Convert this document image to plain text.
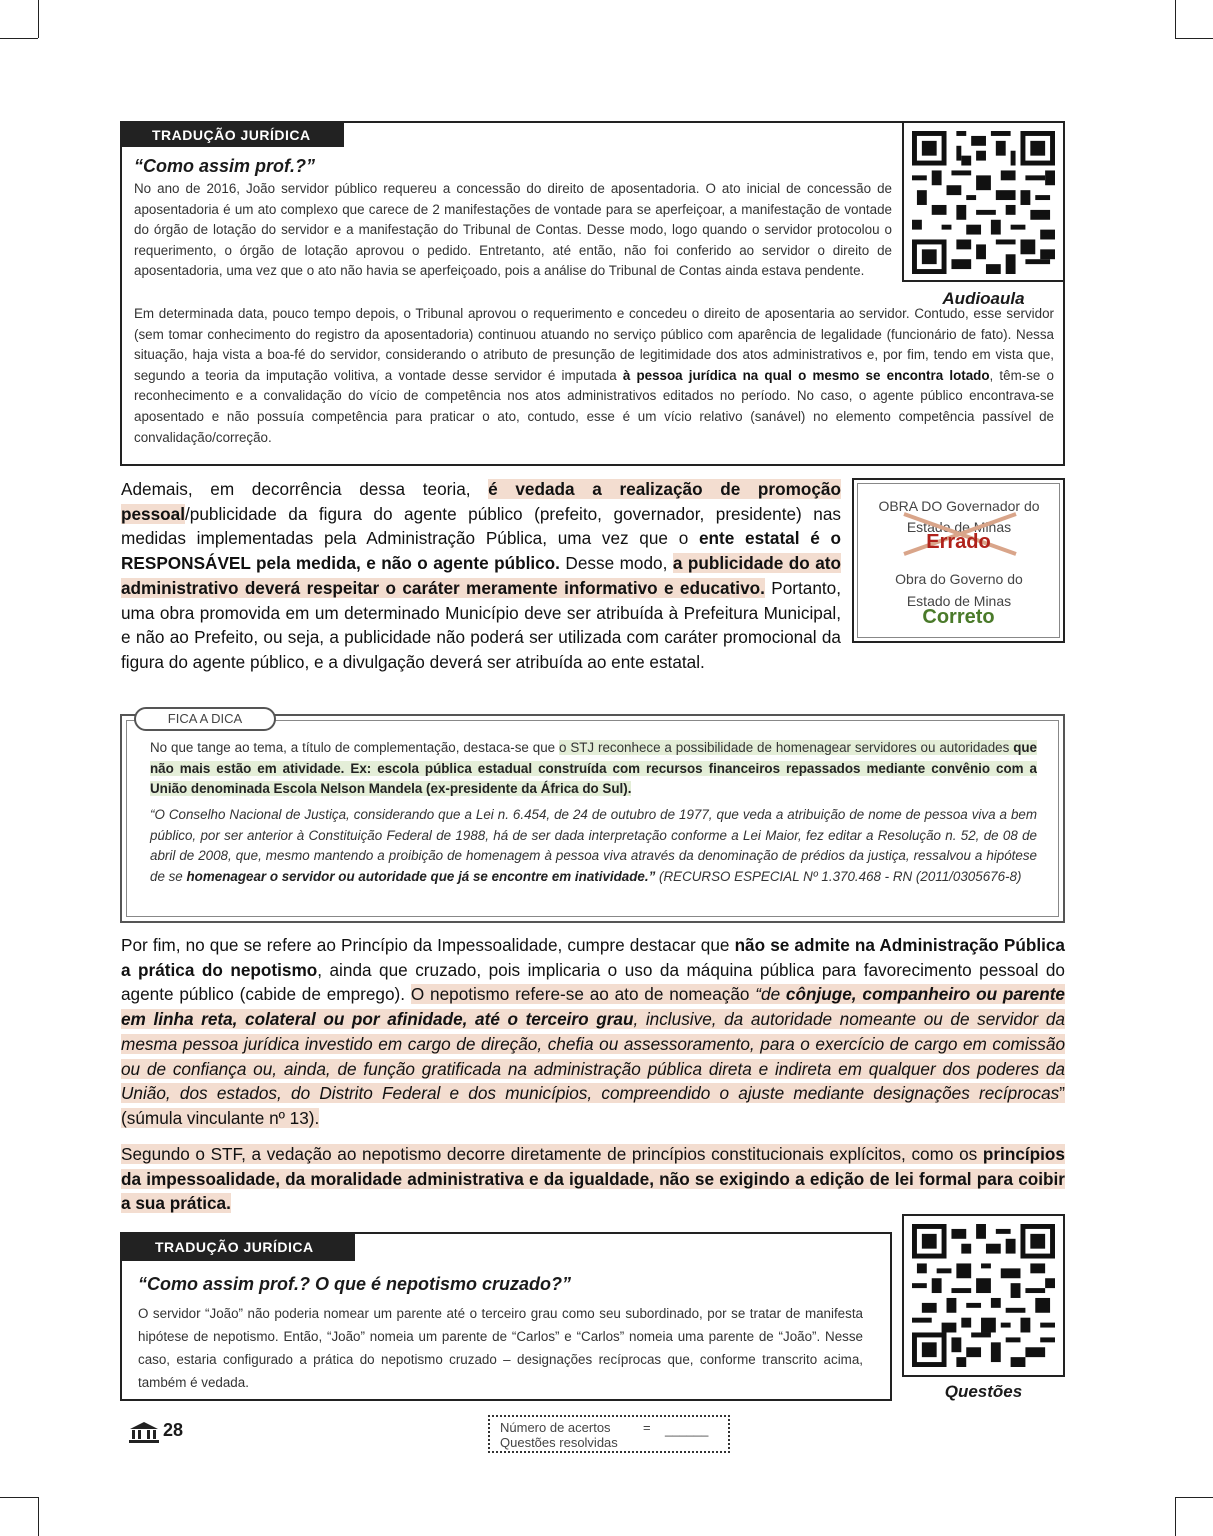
TRADUÇÃO JURÍDICA
“Como assim prof.?”
No ano de 2016, João servidor público requereu a concessão do direito de aposentadoria. O ato inicial de concessão de aposentadoria é um ato complexo que carece de 2 manifestações de vontade para se aperfeiçoar, a manifestação de vontade do órgão de lotação do servidor e a manifestação do Tribunal de Contas. Desse modo, logo quando o servidor protocolou o requerimento, o órgão de lotação aprovou o pedido. Entretanto, até então, não foi conferido ao servidor o direito de aposentadoria, uma vez que o ato não havia se aperfeiçoado, pois a análise do Tribunal de Contas ainda estava pendente.
Em determinada data, pouco tempo depois, o Tribunal aprovou o requerimento e concedeu o direito de aposentaria ao servidor. Contudo, esse servidor (sem tomar conhecimento do registro da aposentadoria) continuou atuando no serviço público com aparência de legalidade (funcionário de fato). Nessa situação, haja vista a boa-fé do servidor, considerando o atributo de presunção de legitimidade dos atos administrativos e, por fim, tendo em vista que, segundo a teoria da imputação volitiva, a vontade desse servidor é imputada à pessoa jurídica na qual o mesmo se encontra lotado, têm-se o reconhecimento e a convalidação do vício de competência nos atos administrativos editados no período. No caso, o agente público encontrava-se aposentado e não possuía competência para praticar o ato, contudo, esse é um vício relativo (sanável) no elemento competência passível de convalidação/correção.
Audioaula
Ademais, em decorrência dessa teoria, é vedada a realização de promoção pessoal/publicidade da figura do agente público (prefeito, governador, presidente) nas medidas implementadas pela Administração Pública, uma vez que o ente estatal é o RESPONSÁVEL pela medida, e não o agente público. Desse modo, a publicidade do ato administrativo deverá respeitar o caráter meramente informativo e educativo. Portanto, uma obra promovida em um determinado Município deve ser atribuída à Prefeitura Municipal, e não ao Prefeito, ou seja, a publicidade não poderá ser utilizada com caráter promocional da figura do agente público, e a divulgação deverá ser atribuída ao ente estatal.
OBRA DO Governador do Estado de Minas
Errado
Obra do Governo do Estado de Minas
Correto
FICA A DICA
No que tange ao tema, a título de complementação, destaca-se que o STJ reconhece a possibilidade de homenagear servidores ou autoridades que não mais estão em atividade. Ex: escola pública estadual construída com recursos financeiros repassados mediante convênio com a União denominada Escola Nelson Mandela (ex-presidente da África do Sul).
“O Conselho Nacional de Justiça, considerando que a Lei n. 6.454, de 24 de outubro de 1977, que veda a atribuição de nome de pessoa viva a bem público, por ser anterior à Constituição Federal de 1988, há de ser dada interpretação conforme a Lei Maior, fez editar a Resolução n. 52, de 08 de abril de 2008, que, mesmo mantendo a proibição de homenagem à pessoa viva através da denominação de prédios da justiça, ressalvou a hipótese de se homenagear o servidor ou autoridade que já se encontre em inatividade.” (RECURSO ESPECIAL Nº 1.370.468 - RN (2011/0305676-8)
Por fim, no que se refere ao Princípio da Impessoalidade, cumpre destacar que não se admite na Administração Pública a prática do nepotismo, ainda que cruzado, pois implicaria o uso da máquina pública para favorecimento pessoal do agente público (cabide de emprego). O nepotismo refere-se ao ato de nomeação “de cônjuge, companheiro ou parente em linha reta, colateral ou por afinidade, até o terceiro grau, inclusive, da autoridade nomeante ou de servidor da mesma pessoa jurídica investido em cargo de direção, chefia ou assessoramento, para o exercício de cargo em comissão ou de confiança ou, ainda, de função gratificada na administração pública direta e indireta em qualquer dos poderes da União, dos estados, do Distrito Federal e dos municípios, compreendido o ajuste mediante designações recíprocas” (súmula vinculante nº 13).
Segundo o STF, a vedação ao nepotismo decorre diretamente de princípios constitucionais explícitos, como os princípios da impessoalidade, da moralidade administrativa e da igualdade, não se exigindo a edição de lei formal para coibir a sua prática.
TRADUÇÃO JURÍDICA
“Como assim prof.? O que é nepotismo cruzado?”
O servidor “João” não poderia nomear um parente até o terceiro grau como seu subordinado, por se tratar de manifesta hipótese de nepotismo. Então, “João” nomeia um parente de “Carlos” e “Carlos” nomeia uma parente de “João”. Nesse caso, estaria configurado a prática do nepotismo cruzado – designações recíprocas que, conforme transcrito acima, também é vedada.	Questões
28	Número de acertos = ______
Questões resolvidas
